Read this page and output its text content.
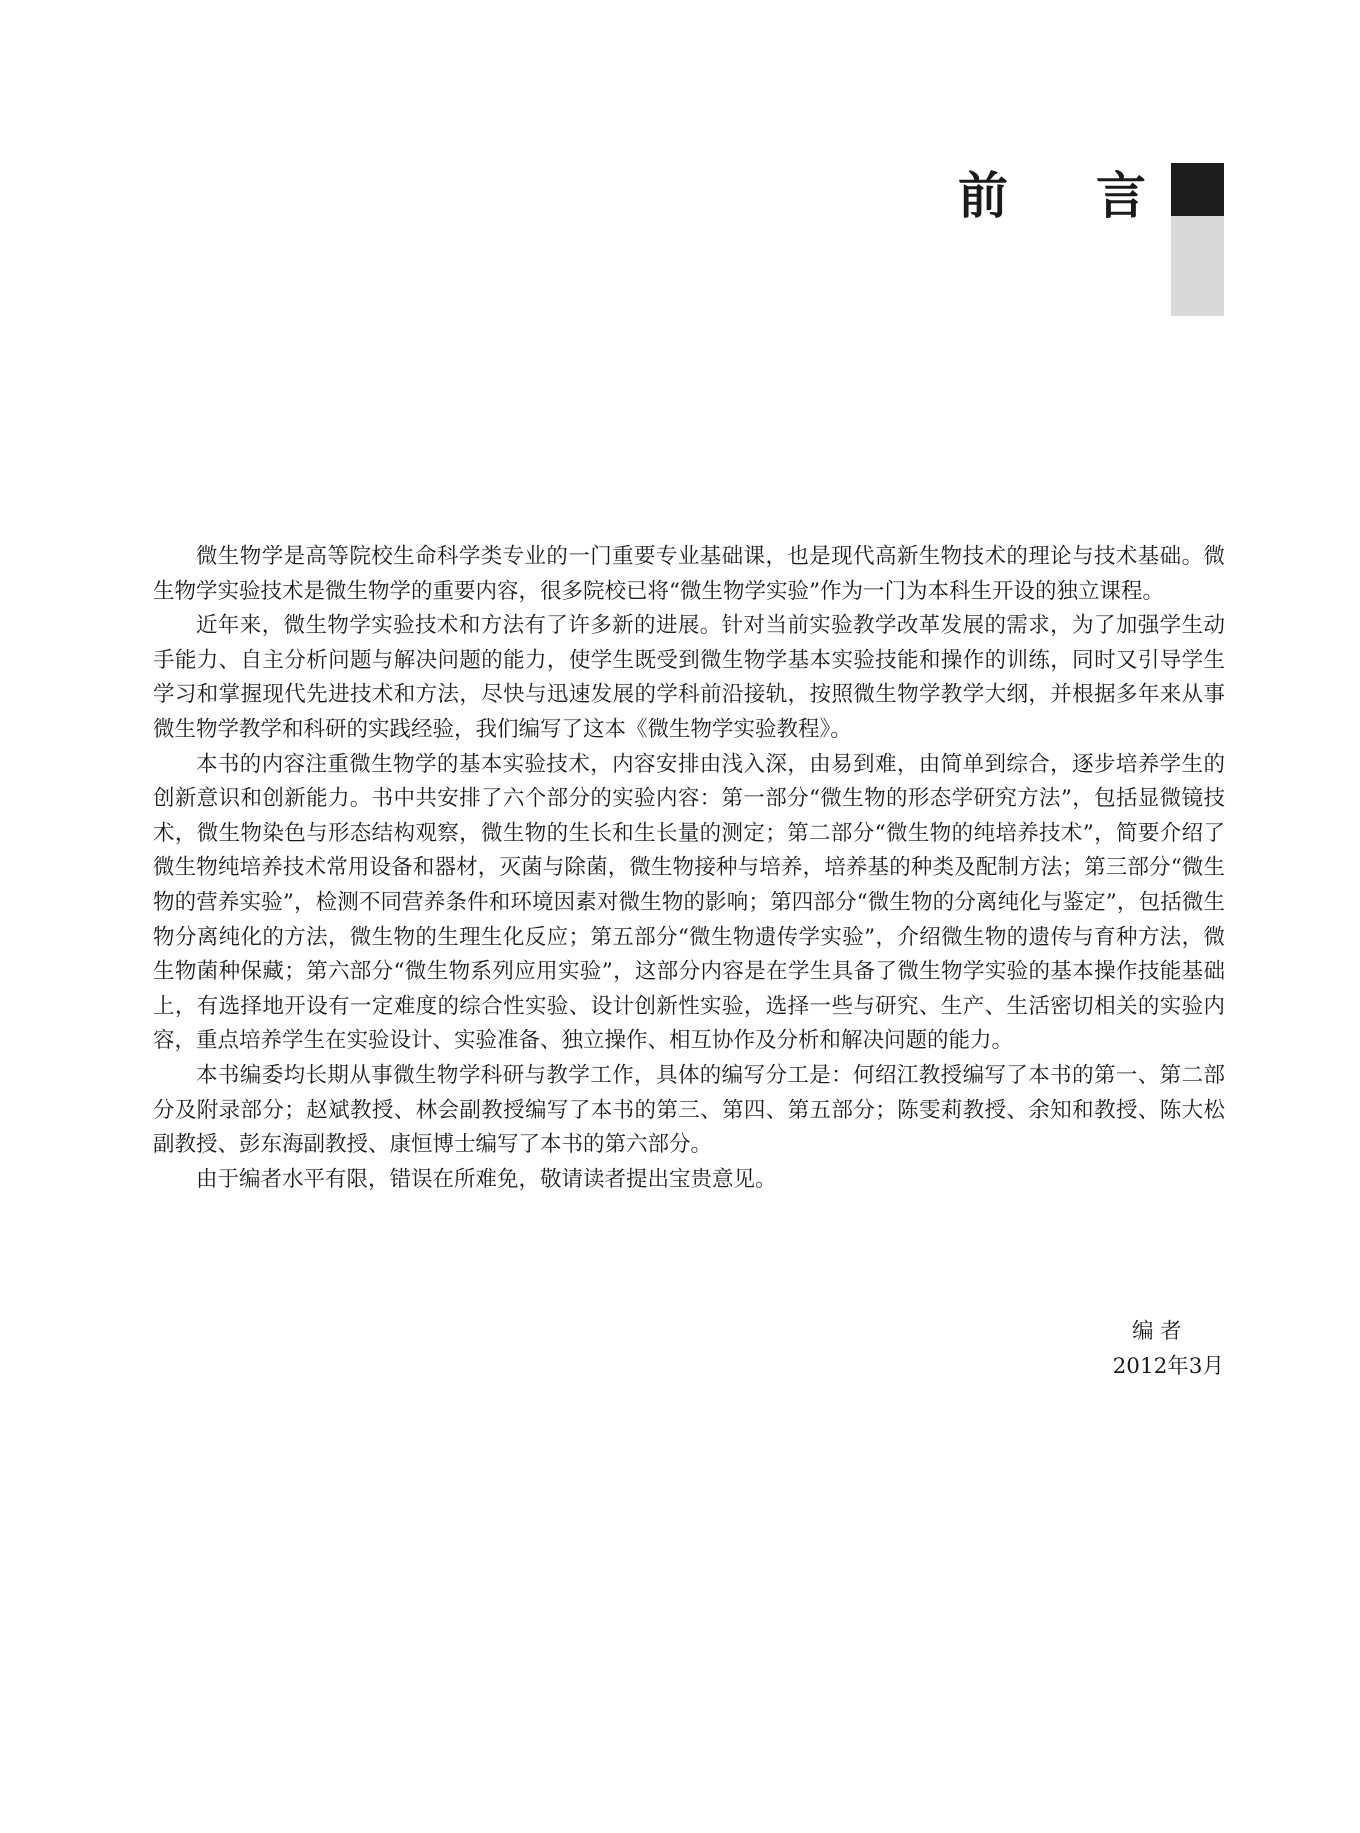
前 言

微生物学是高等院校生命科学类专业的一门重要专业基础课，也是现代高新生物技术的理论与技术基础。微生物学实验技术是微生物学的重要内容，很多院校已将“微生物学实验”作为一门为本科生开设的独立课程。

近年来，微生物学实验技术和方法有了许多新的进展。针对当前实验教学改革发展的需求，为了加强学生动手能力、自主分析问题与解决问题的能力，使学生既受到微生物学基本实验技能和操作的训练，同时又引导学生学习和掌握现代先进技术和方法，尽快与迅速发展的学科前沿接轨，按照微生物学教学大纲，并根据多年来从事微生物学教学和科研的实践经验，我们编写了这本《微生物学实验教程》。

本书的内容注重微生物学的基本实验技术，内容安排由浅入深，由易到难，由简单到综合，逐步培养学生的创新意识和创新能力。书中共安排了六个部分的实验内容：第一部分“微生物的形态学研究方法”，包括显微镜技术，微生物染色与形态结构观察，微生物的生长和生长量的测定；第二部分“微生物的纯培养技术”，简要介绍了微生物纯培养技术常用设备和器材，灭菌与除菌，微生物接种与培养，培养基的种类及配制方法；第三部分“微生物的营养实验”，检测不同营养条件和环境因素对微生物的影响；第四部分“微生物的分离纯化与鉴定”，包括微生物分离纯化的方法，微生物的生理生化反应；第五部分“微生物遗传学实验”，介绍微生物的遗传与育种方法，微生物菌种保藏；第六部分“微生物系列应用实验”，这部分内容是在学生具备了微生物学实验的基本操作技能基础上，有选择地开设有一定难度的综合性实验、设计创新性实验，选择一些与研究、生产、生活密切相关的实验内容，重点培养学生在实验设计、实验准备、独立操作、相互协作及分析和解决问题的能力。

本书编委均长期从事微生物学科研与教学工作，具体的编写分工是：何绍江教授编写了本书的第一、第二部分及附录部分；赵斌教授、林会副教授编写了本书的第三、第四、第五部分；陈雯莉教授、余知和教授、陈大松副教授、彭东海副教授、康恒博士编写了本书的第六部分。

由于编者水平有限，错误在所难免，敬请读者提出宝贵意见。

编者
2012年3月
